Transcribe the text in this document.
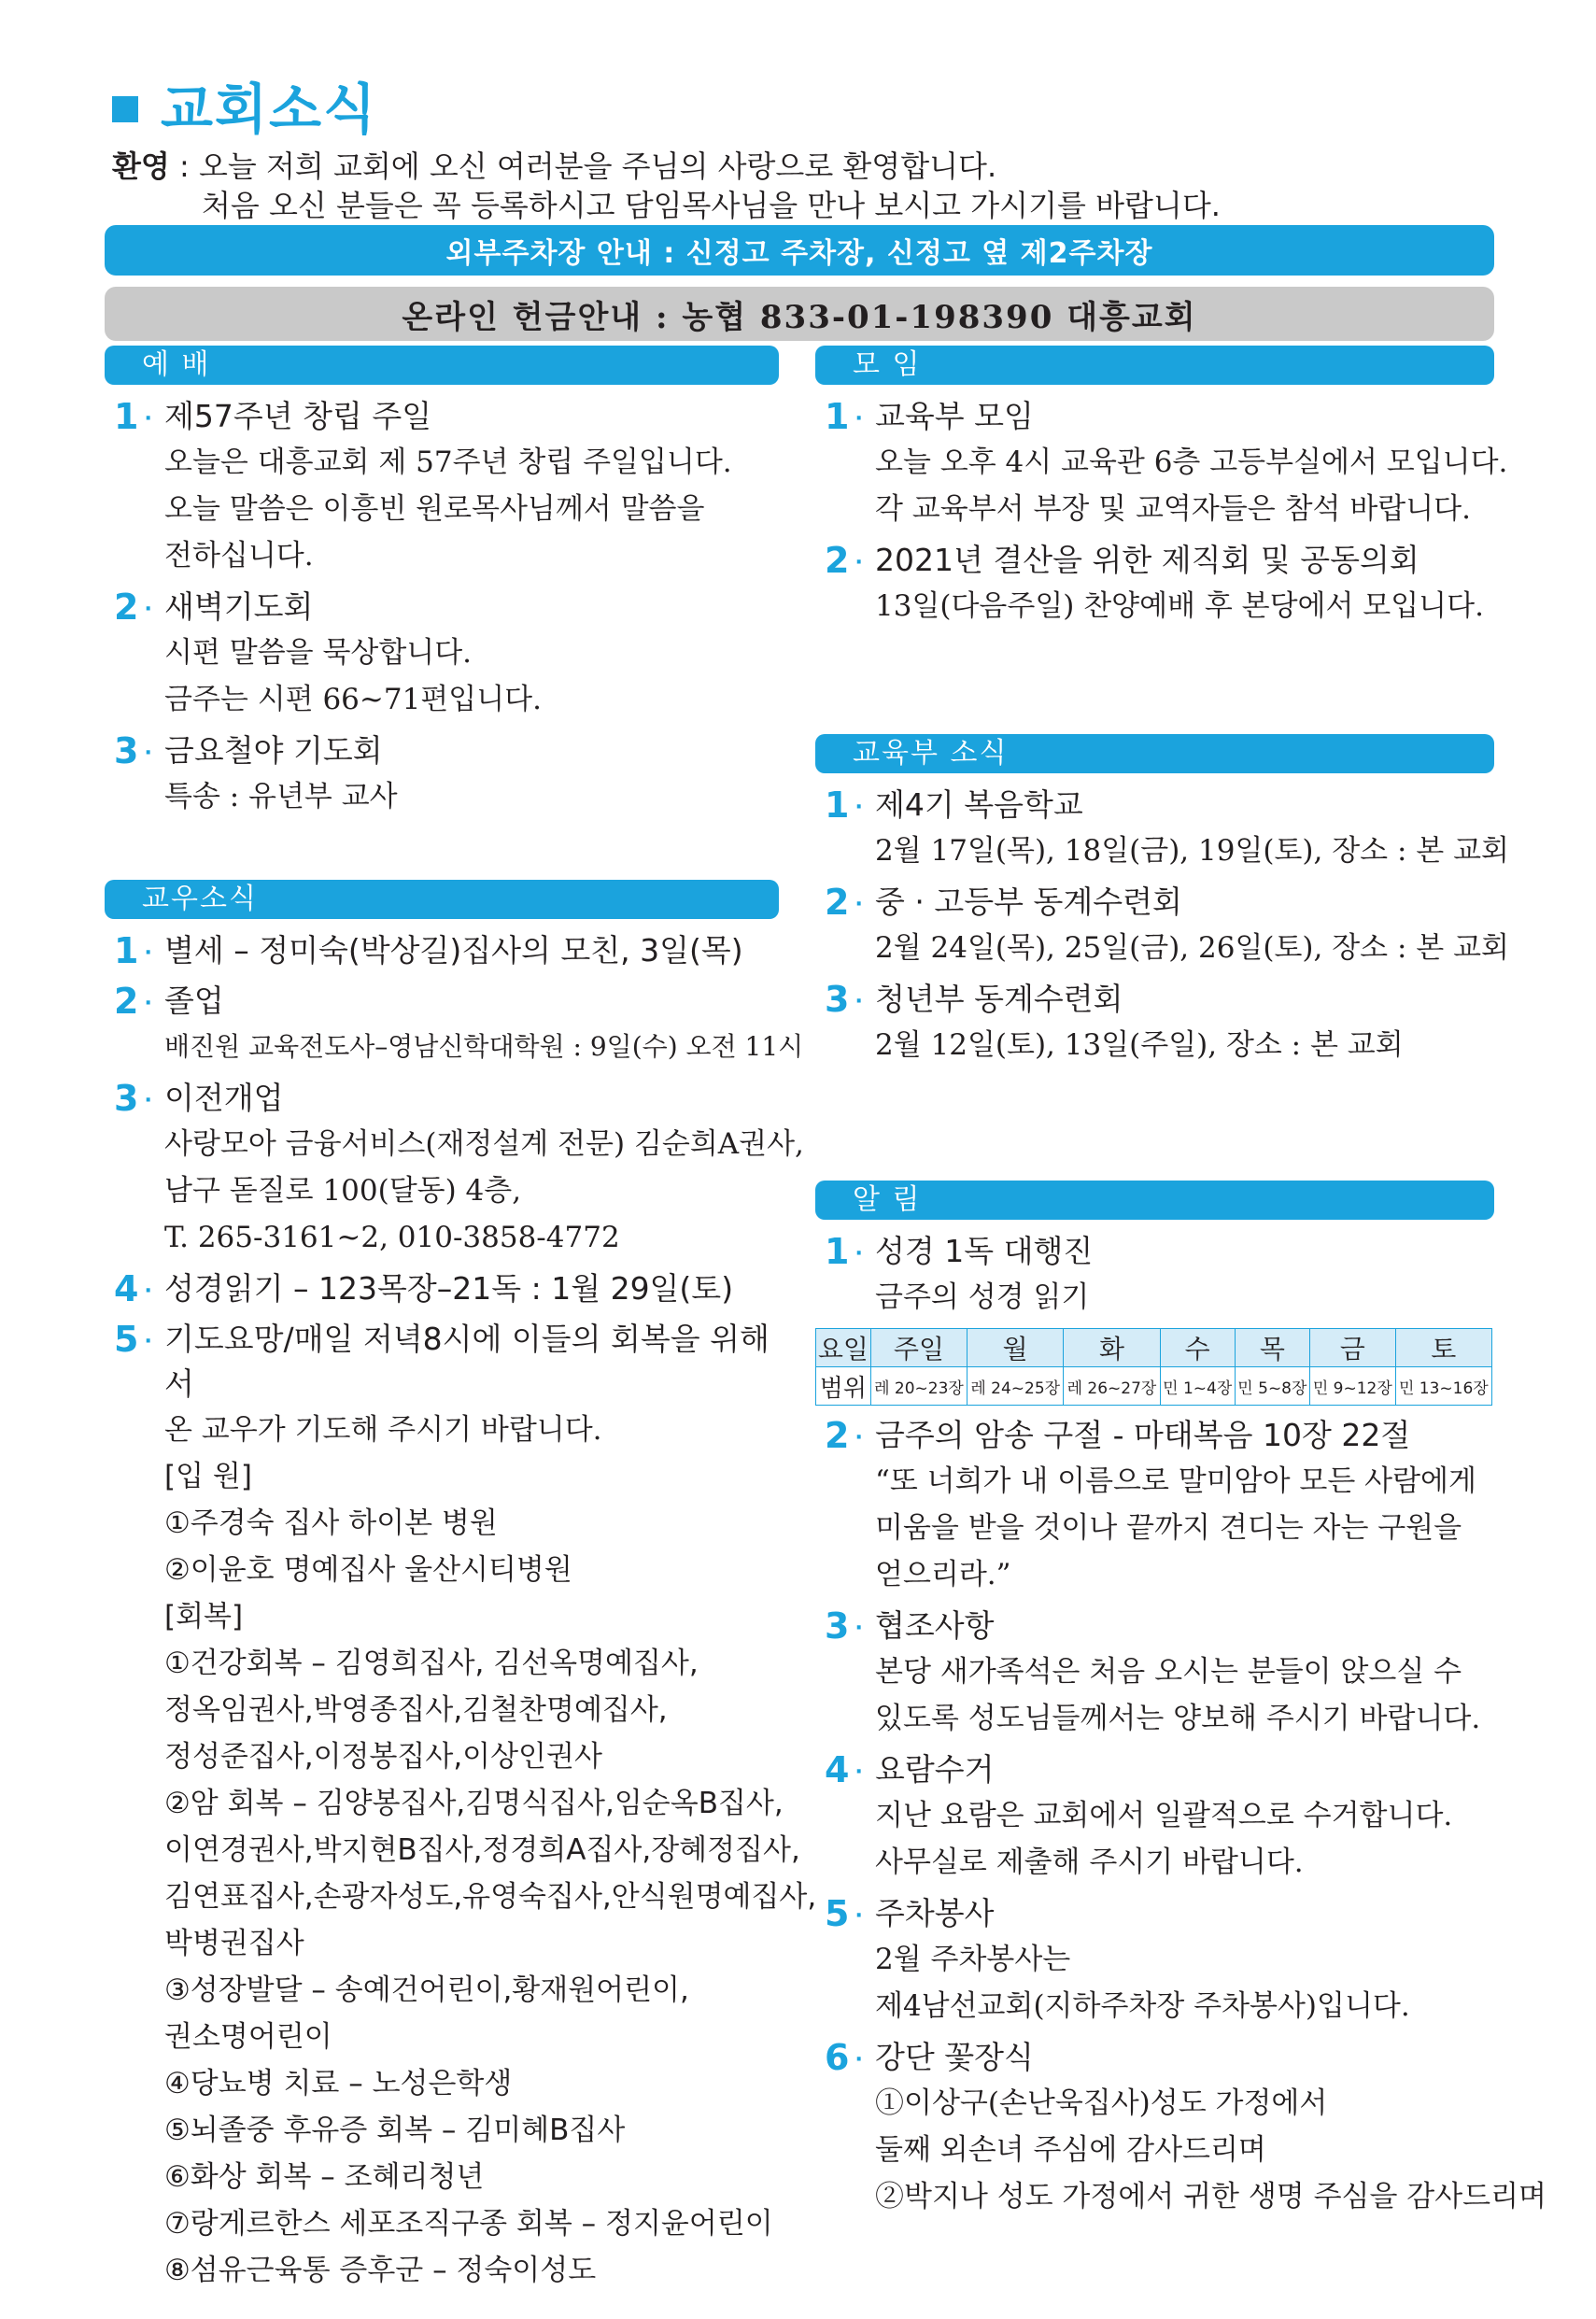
교회소식
환영 : 오늘 저희 교회에 오신 여러분을 주님의 사랑으로 환영합니다.
처음 오신 분들은 꼭 등록하시고 담임목사님을 만나 보시고 가시기를 바랍니다.
외부주차장 안내 : 신정고 주차장, 신정고 옆 제2주차장
온라인 헌금안내 : 농협 833-01-198390 대흥교회
예 배
1 · 제57주년 창립 주일
오늘은 대흥교회 제 57주년 창립 주일입니다.
오늘 말씀은 이흥빈 원로목사님께서 말씀을
전하십니다.
2 · 새벽기도회
시편 말씀을 묵상합니다.
금주는 시편 66~71편입니다.
3 · 금요철야 기도회
특송 : 유년부 교사
교우소식
1 · 별세 – 정미숙(박상길)집사의 모친, 3일(목)
2 · 졸업
배진원 교육전도사–영남신학대학원 : 9일(수) 오전 11시
3 · 이전개업
사랑모아 금융서비스(재정설계 전문) 김순희A권사,
남구 돋질로 100(달동) 4층,
T. 265-3161~2, 010-3858-4772
4 · 성경읽기 – 123목장–21독 : 1월 29일(토)
5 · 기도요망/매일 저녁8시에 이들의 회복을 위해서
온 교우가 기도해 주시기 바랍니다.
[입 원]
①주경숙 집사 하이본 병원
②이윤호 명예집사 울산시티병원
[회복]
①건강회복 – 김영희집사, 김선옥명예집사,
정옥임권사,박영종집사,김철찬명예집사,
정성준집사,이정봉집사,이상인권사
②암 회복 – 김양봉집사,김명식집사,임순옥B집사,
이연경권사,박지현B집사,정경희A집사,장혜정집사,
김연표집사,손광자성도,유영숙집사,안식원명예집사,
박병권집사
③성장발달 – 송예건어린이,황재원어린이,
권소명어린이
④당뇨병 치료 – 노성은학생
⑤뇌졸중 후유증 회복 – 김미혜B집사
⑥화상 회복 – 조혜리청년
⑦랑게르한스 세포조직구종 회복 – 정지윤어린이
⑧섬유근육통 증후군 – 정숙이성도
모 임
1 · 교육부 모임
오늘 오후 4시 교육관 6층 고등부실에서 모입니다.
각 교육부서 부장 및 교역자들은 참석 바랍니다.
2 · 2021년 결산을 위한 제직회 및 공동의회
13일(다음주일) 찬양예배 후 본당에서 모입니다.
교육부 소식
1 · 제4기 복음학교
2월 17일(목), 18일(금), 19일(토), 장소 : 본 교회
2 · 중 · 고등부 동계수련회
2월 24일(목), 25일(금), 26일(토), 장소 : 본 교회
3 · 청년부 동계수련회
2월 12일(토), 13일(주일), 장소 : 본 교회
알 림
1 · 성경 1독 대행진
금주의 성경 읽기
요일	주일	월	화	수	목	금	토
범위	레 20~23장	레 24~25장	레 26~27장	민 1~4장	민 5~8장	민 9~12장	민 13~16장
2 · 금주의 암송 구절 - 마태복음 10장 22절
“또 너희가 내 이름으로 말미암아 모든 사람에게
미움을 받을 것이나 끝까지 견디는 자는 구원을
얻으리라.”
3 · 협조사항
본당 새가족석은 처음 오시는 분들이 앉으실 수
있도록 성도님들께서는 양보해 주시기 바랍니다.
4 · 요람수거
지난 요람은 교회에서 일괄적으로 수거합니다.
사무실로 제출해 주시기 바랍니다.
5 · 주차봉사
2월 주차봉사는
제4남선교회(지하주차장 주차봉사)입니다.
6 · 강단 꽃장식
①이상구(손난욱집사)성도 가정에서
둘째 외손녀 주심에 감사드리며
②박지나 성도 가정에서 귀한 생명 주심을 감사드리며
